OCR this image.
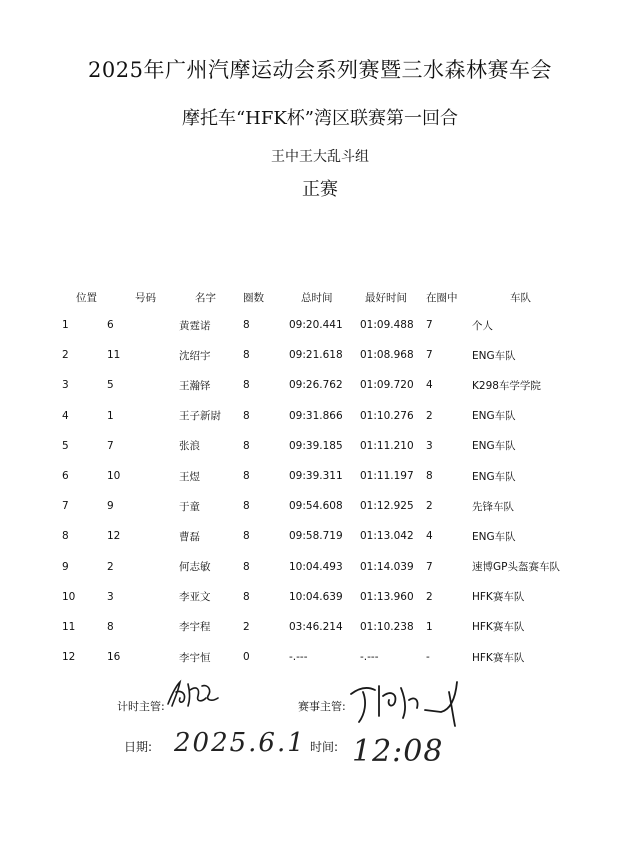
2025年广州汽摩运动会系列赛暨三水森林赛车会
摩托车“HFK杯”湾区联赛第一回合
王中王大乱斗组
正赛
位置	号码	名字	圈数	总时间	最好时间	在圈中	车队
1	6	黄霆诺	8	09:20.441	01:09.488	7	个人
2	11	沈绍宇	8	09:21.618	01:08.968	7	ENG车队
3	5	王瀚铎	8	09:26.762	01:09.720	4	K298车学学院
4	1	王子新尉	8	09:31.866	01:10.276	2	ENG车队
5	7	张浪	8	09:39.185	01:11.210	3	ENG车队
6	10	王煜	8	09:39.311	01:11.197	8	ENG车队
7	9	于童	8	09:54.608	01:12.925	2	先锋车队
8	12	曹磊	8	09:58.719	01:13.042	4	ENG车队
9	2	何志敏	8	10:04.493	01:14.039	7	速博GP头盔赛车队
10	3	李亚文	8	10:04.639	01:13.960	2	HFK赛车队
11	8	李宇程	2	03:46.214	01:10.238	1	HFK赛车队
12	16	李宇恒	0	-.---	-.---	-	HFK赛车队
计时主管:	赛事主管:
日期: 2025.6.1 时间: 12:08
